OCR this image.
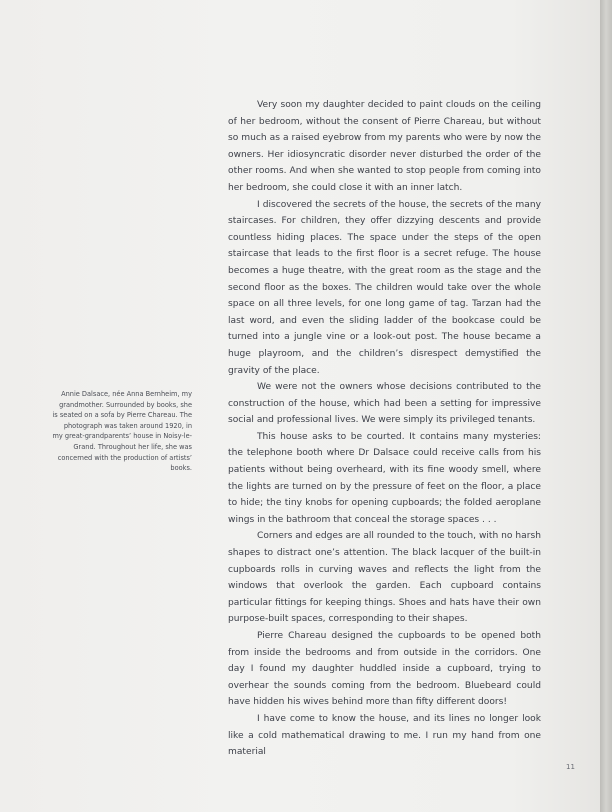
Annie Dalsace, née Anna Bernheim, my grandmother. Surrounded by books, she is seated on a sofa by Pierre Chareau. The photograph was taken around 1920, in my great-grandparents’ house in Noisy-le-Grand. Throughout her life, she was concerned with the production of artists’ books.

Very soon my daughter decided to paint clouds on the ceiling of her bedroom, without the consent of Pierre Chareau, but without so much as a raised eyebrow from my parents who were by now the owners. Her idiosyncratic disorder never disturbed the order of the other rooms. And when she wanted to stop people from coming into her bedroom, she could close it with an inner latch.

I discovered the secrets of the house, the secrets of the many staircases. For children, they offer dizzying descents and provide countless hiding places. The space under the steps of the open staircase that leads to the first floor is a secret refuge. The house becomes a huge theatre, with the great room as the stage and the second floor as the boxes. The children would take over the whole space on all three levels, for one long game of tag. Tarzan had the last word, and even the sliding ladder of the bookcase could be turned into a jungle vine or a look-out post. The house became a huge playroom, and the children’s disrespect demystified the gravity of the place.

We were not the owners whose decisions contributed to the construction of the house, which had been a setting for impressive social and professional lives. We were simply its privileged tenants.

This house asks to be courted. It contains many mysteries: the telephone booth where Dr Dalsace could receive calls from his patients without being overheard, with its fine woody smell, where the lights are turned on by the pressure of feet on the floor, a place to hide; the tiny knobs for opening cupboards; the folded aeroplane wings in the bathroom that conceal the storage spaces . . .

Corners and edges are all rounded to the touch, with no harsh shapes to distract one’s attention. The black lacquer of the built-in cupboards rolls in curving waves and reflects the light from the windows that overlook the garden. Each cupboard contains particular fittings for keeping things. Shoes and hats have their own purpose-built spaces, corresponding to their shapes.

Pierre Chareau designed the cupboards to be opened both from inside the bedrooms and from outside in the corridors. One day I found my daughter huddled inside a cupboard, trying to overhear the sounds coming from the bedroom. Bluebeard could have hidden his wives behind more than fifty different doors!

I have come to know the house, and its lines no longer look like a cold mathematical drawing to me. I run my hand from one material

11
